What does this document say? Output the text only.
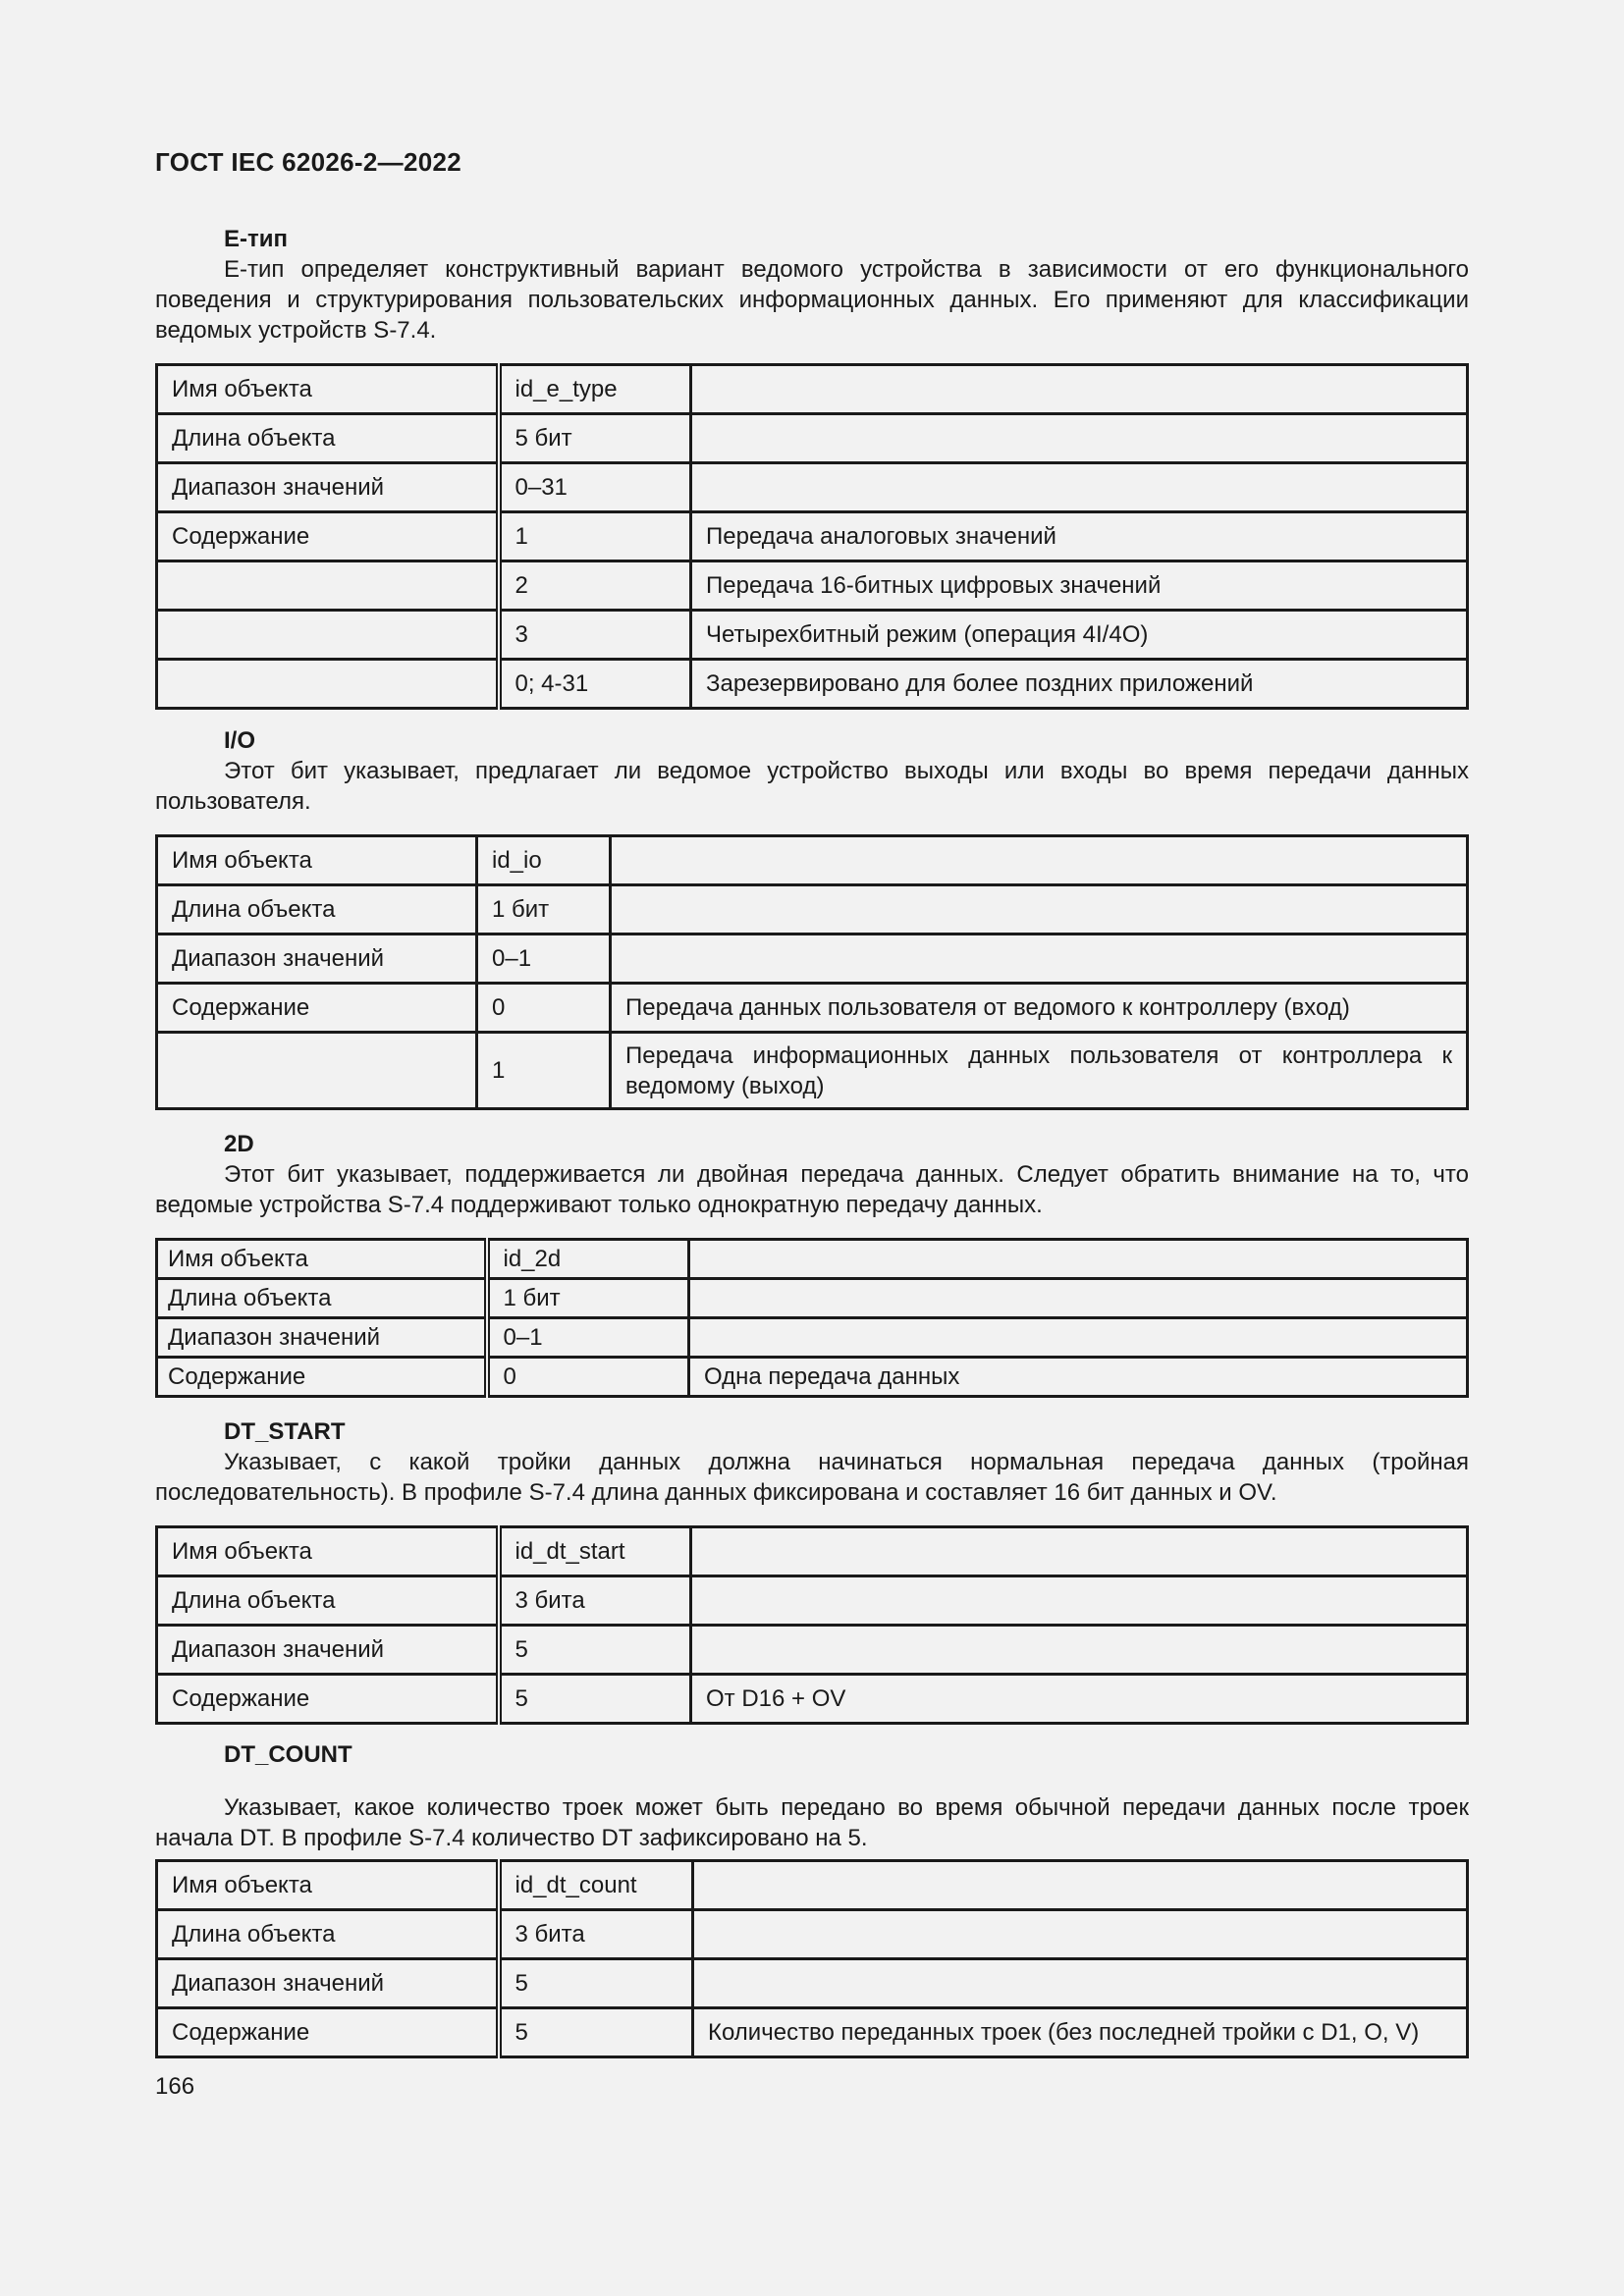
ГОСТ IEC 62026-2—2022
E-тип
E-тип определяет конструктивный вариант ведомого устройства в зависимости от его функционального поведения и структурирования пользовательских информационных данных. Его применяют для классификации ведомых устройств S-7.4.
Имя объекта	id_e_type	
Длина объекта	5 бит	
Диапазон значений	0–31	
Содержание	1	Передача аналоговых значений
	2	Передача 16-битных цифровых значений
	3	Четырехбитный режим (операция 4I/4O)
	0; 4-31	Зарезервировано для более поздних приложений
I/O
Этот бит указывает, предлагает ли ведомое устройство выходы или входы во время передачи данных пользователя.
Имя объекта	id_io	
Длина объекта	1 бит	
Диапазон значений	0–1	
Содержание	0	Передача данных пользователя от ведомого к контроллеру (вход)
	1	Передача информационных данных пользователя от контроллера к ведомому (выход)
2D
Этот бит указывает, поддерживается ли двойная передача данных. Следует обратить внимание на то, что ведомые устройства S-7.4 поддерживают только однократную передачу данных.
Имя объекта	id_2d	
Длина объекта	1 бит	
Диапазон значений	0–1	
Содержание	0	Одна передача данных
DT_START
Указывает, с какой тройки данных должна начинаться нормальная передача данных (тройная последовательность). В профиле S-7.4 длина данных фиксирована и составляет 16 бит данных и OV.
Имя объекта	id_dt_start	
Длина объекта	3 бита	
Диапазон значений	5	
Содержание	5	От D16 + OV
DT_COUNT
Указывает, какое количество троек может быть передано во время обычной передачи данных после троек начала DT. В профиле S-7.4 количество DT зафиксировано на 5.
Имя объекта	id_dt_count	
Длина объекта	3 бита	
Диапазон значений	5	
Содержание	5	Количество переданных троек (без последней тройки с D1, O, V)
166
